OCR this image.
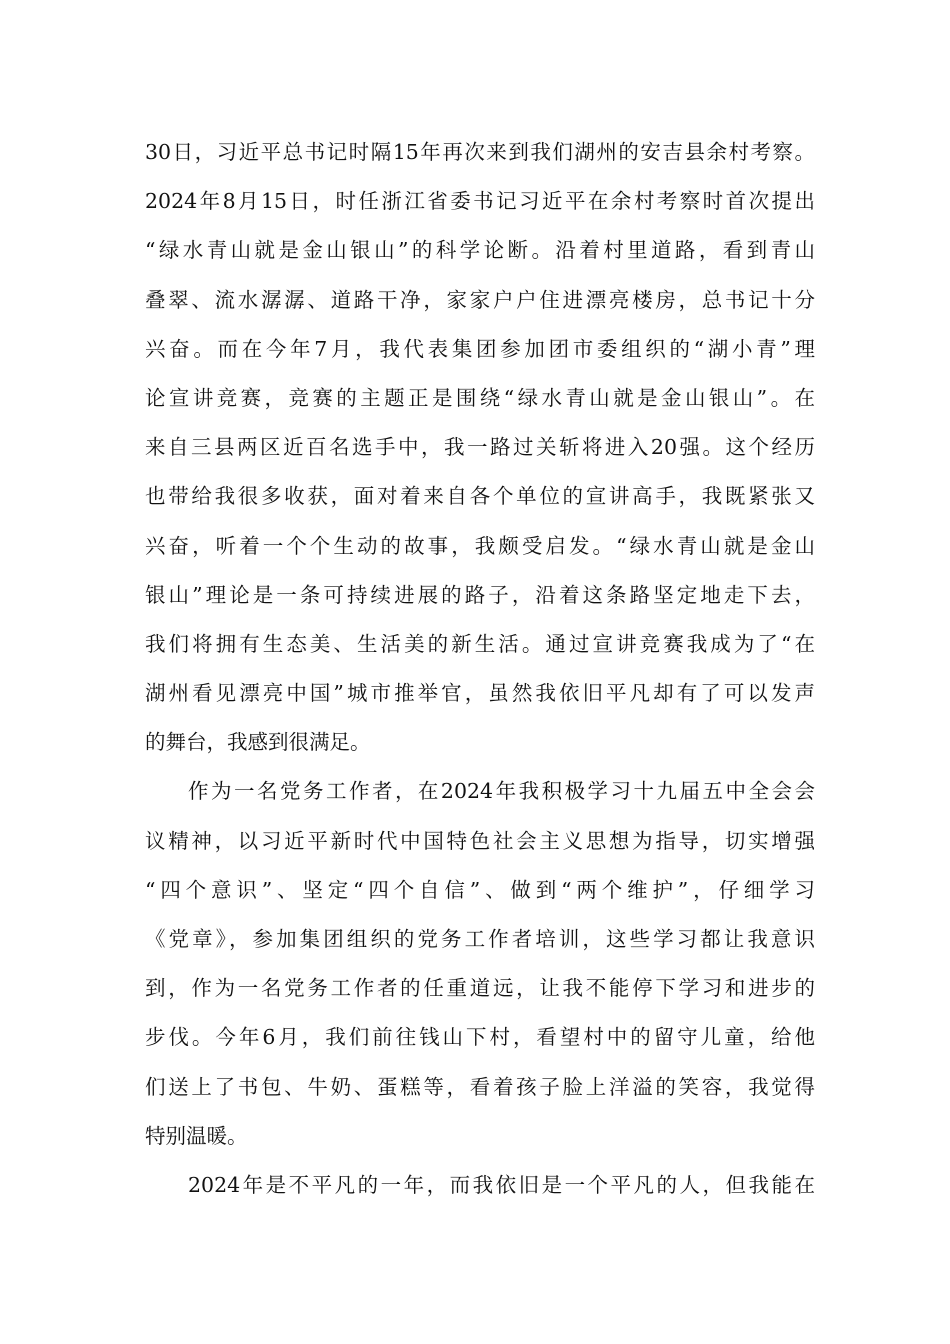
30日，习近平总书记时隔15年再次来到我们湖州的安吉县余村考察。
2024年8月15日，时任浙江省委书记习近平在余村考察时首次提出
“绿水青山就是金山银山”的科学论断。沿着村里道路，看到青山
叠翠、流水潺潺、道路干净，家家户户住进漂亮楼房，总书记十分
兴奋。而在今年7月，我代表集团参加团市委组织的“湖小青”理
论宣讲竞赛，竞赛的主题正是围绕“绿水青山就是金山银山”。在
来自三县两区近百名选手中，我一路过关斩将进入20强。这个经历
也带给我很多收获，面对着来自各个单位的宣讲高手，我既紧张又
兴奋，听着一个个生动的故事，我颇受启发。“绿水青山就是金山
银山”理论是一条可持续进展的路子，沿着这条路坚定地走下去，
我们将拥有生态美、生活美的新生活。通过宣讲竞赛我成为了“在
湖州看见漂亮中国”城市推举官，虽然我依旧平凡却有了可以发声
的舞台，我感到很满足。
作为一名党务工作者，在2024年我积极学习十九届五中全会会
议精神，以习近平新时代中国特色社会主义思想为指导，切实增强
“四个意识”、坚定“四个自信”、做到“两个维护”，仔细学习
《党章》，参加集团组织的党务工作者培训，这些学习都让我意识
到，作为一名党务工作者的任重道远，让我不能停下学习和进步的
步伐。今年6月，我们前往钱山下村，看望村中的留守儿童，给他
们送上了书包、牛奶、蛋糕等，看着孩子脸上洋溢的笑容，我觉得
特别温暖。
2024年是不平凡的一年，而我依旧是一个平凡的人，但我能在
